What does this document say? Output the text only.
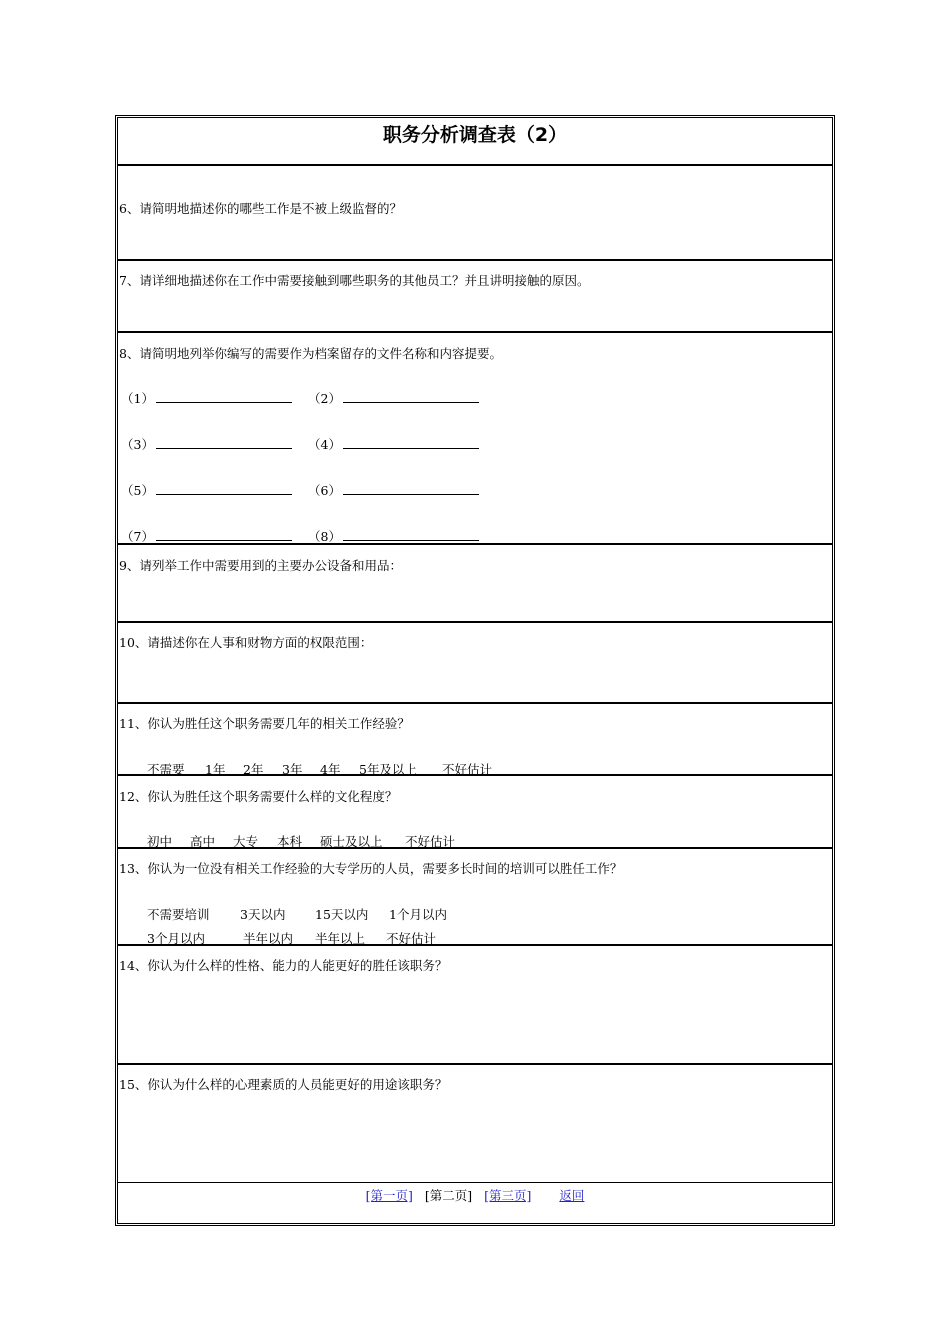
职务分析调查表（2）
6、请简明地描述你的哪些工作是不被上级监督的？
7、请详细地描述你在工作中需要接触到哪些职务的其他员工？并且讲明接触的原因。
8、请简明地列举你编写的需要作为档案留存的文件名称和内容提要。
（1）	（2）
（3）	（4）
（5）	（6）
（7）	（8）
9、请列举工作中需要用到的主要办公设备和用品：
10、请描述你在人事和财物方面的权限范围：
11、你认为胜任这个职务需要几年的相关工作经验？
不需要 1年 2年 3年 4年 5年及以上 不好估计
12、你认为胜任这个职务需要什么样的文化程度？
初中 高中 大专 本科 硕士及以上 不好估计
13、你认为一位没有相关工作经验的大专学历的人员，需要多长时间的培训可以胜任工作？
不需要培训 3天以内 15天以内 1个月以内
3个月以内	半年以内 半年以上 不好估计
14、你认为什么样的性格、能力的人能更好的胜任该职务？
15、你认为什么样的心理素质的人员能更好的用途该职务？
[第一页] [第二页] [第三页] 返回
